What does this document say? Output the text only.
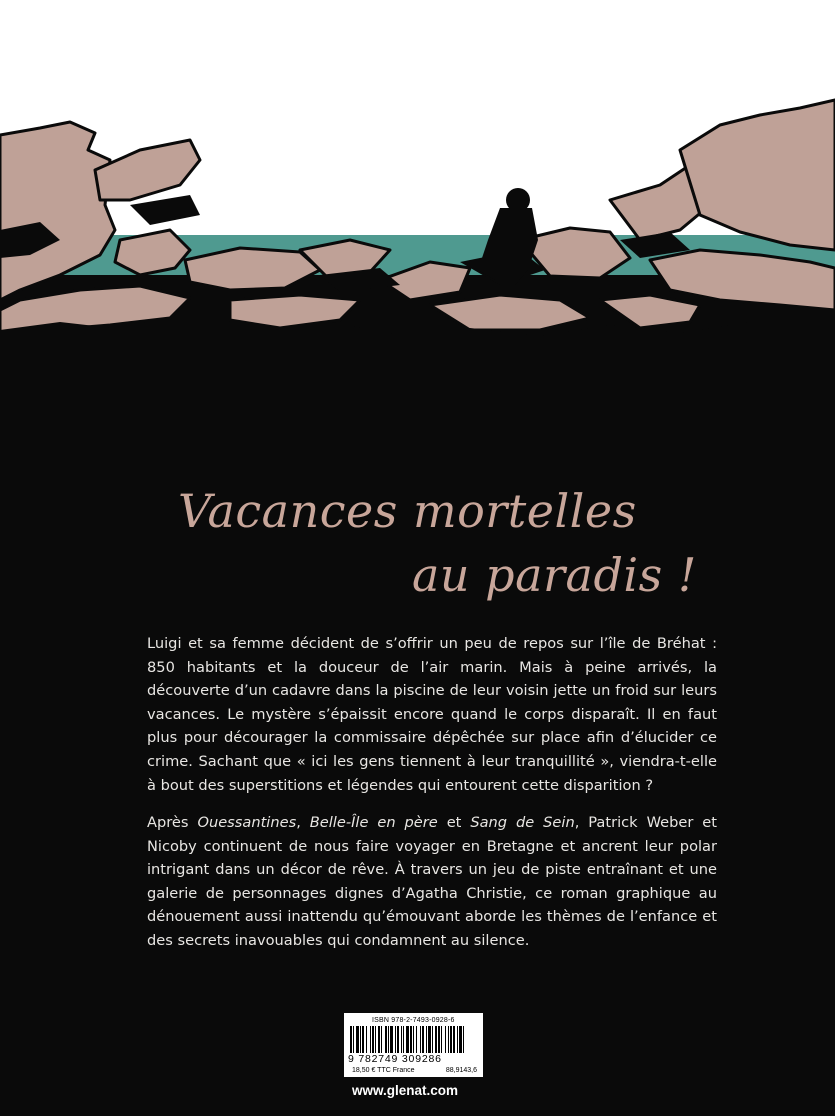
Vacances mortelles
au paradis !

Luigi et sa femme décident de s’offrir un peu de repos sur l’île de Bréhat : 850 habitants et la douceur de l’air marin. Mais à peine arrivés, la découverte d’un cadavre dans la piscine de leur voisin jette un froid sur leurs vacances. Le mystère s’épaissit encore quand le corps disparaît. Il en faut plus pour décourager la commissaire dépêchée sur place afin d’élucider ce crime. Sachant que « ici les gens tiennent à leur tranquillité », viendra-t-elle à bout des superstitions et légendes qui entourent cette disparition ?

Après Ouessantines, Belle-Île en père et Sang de Sein, Patrick Weber et Nicoby continuent de nous faire voyager en Bretagne et ancrent leur polar intrigant dans un décor de rêve. À travers un jeu de piste entraînant et une galerie de personnages dignes d’Agatha Christie, ce roman graphique au dénouement aussi inattendu qu’émouvant aborde les thèmes de l’enfance et des secrets inavouables qui condamnent au silence.

ISBN 978-2-7493-0928-6
9 782749 309286
18,50 € TTC France	88,9143,6
www.glenat.com
